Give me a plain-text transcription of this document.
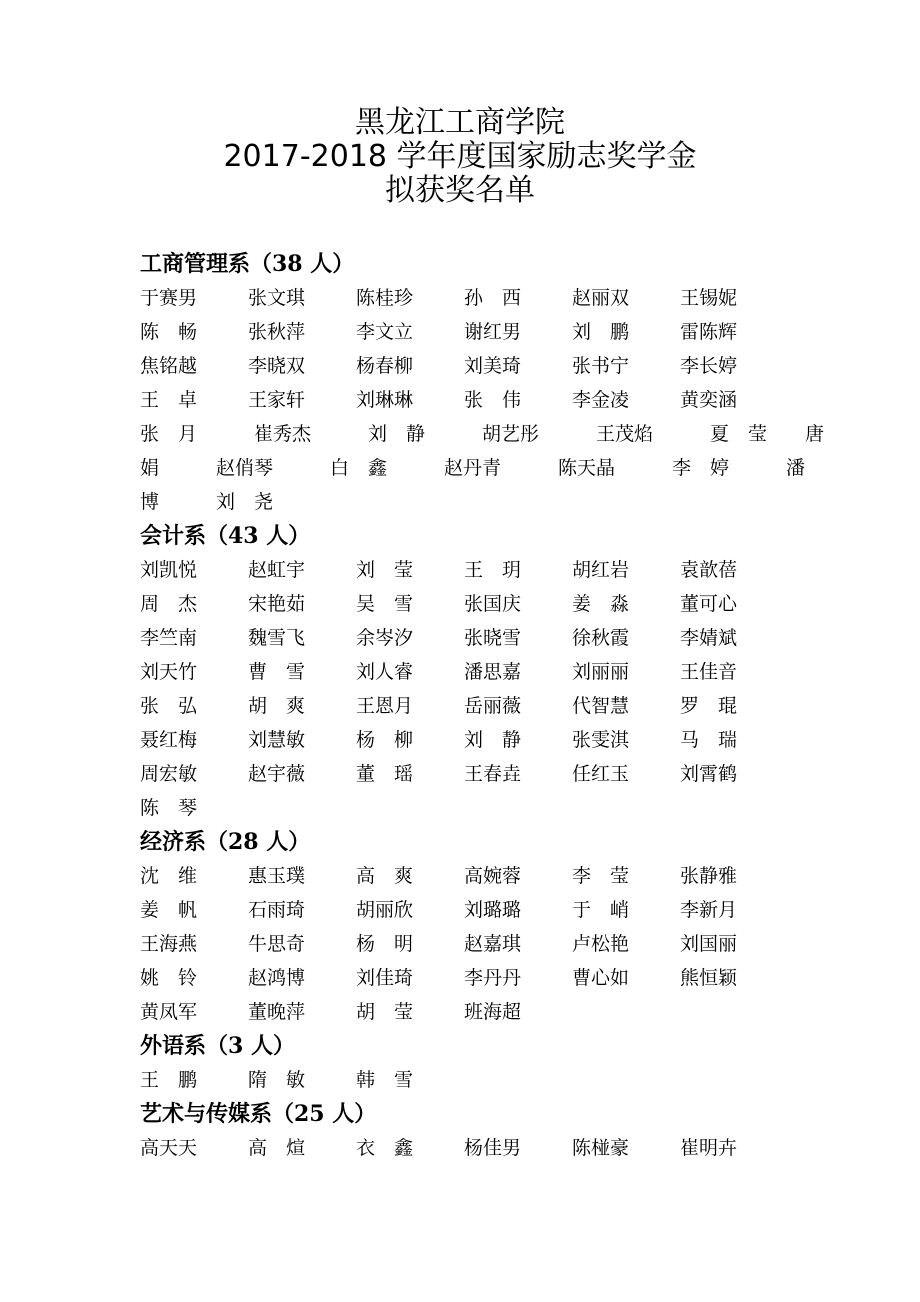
黑龙江工商学院
2017-2018 学年度国家励志奖学金
拟获奖名单
工商管理系（38 人）
于赛男	张文琪	陈桂珍	孙　西	赵丽双	王锡妮
陈　畅	张秋萍	李文立	谢红男	刘　鹏	雷陈辉
焦铭越	李晓双	杨春柳	刘美琦	张书宁	李长婷
王　卓	王家轩	刘琳琳	张　伟	李金凌	黄奕涵
张　月　　　崔秀杰　　　刘　静　　　胡艺彤　　　王茂焰　　　夏　莹　　唐
娟　　　赵俏琴　　　白　鑫　　　赵丹青　　　陈天晶　　　李　婷　　　潘
博　　　刘　尧
会计系（43 人）
刘凯悦	赵虹宇	刘　莹	王　玥	胡红岩	袁歆蓓
周　杰	宋艳茹	吴　雪	张国庆	姜　淼	董可心
李竺南	魏雪飞	余岑汐	张晓雪	徐秋霞	李婧斌
刘天竹	曹　雪	刘人睿	潘思嘉	刘丽丽	王佳音
张　弘	胡　爽	王恩月	岳丽薇	代智慧	罗　琨
聂红梅	刘慧敏	杨　柳	刘　静	张雯淇	马　瑞
周宏敏	赵宇薇	董　瑶	王春垚	任红玉	刘霄鹤
陈　琴
经济系（28 人）
沈　维	惠玉璞	高　爽	高婉蓉	李　莹	张静雅
姜　帆	石雨琦	胡丽欣	刘璐璐	于　峭	李新月
王海燕	牛思奇	杨　明	赵嘉琪	卢松艳	刘国丽
姚　铃	赵鸿博	刘佳琦	李丹丹	曹心如	熊恒颖
黄凤军	董晚萍	胡　莹	班海超
外语系（3 人）
王　鹏	隋　敏	韩　雪
艺术与传媒系（25 人）
高天天	高　煊	衣　鑫	杨佳男	陈椪豪	崔明卉
